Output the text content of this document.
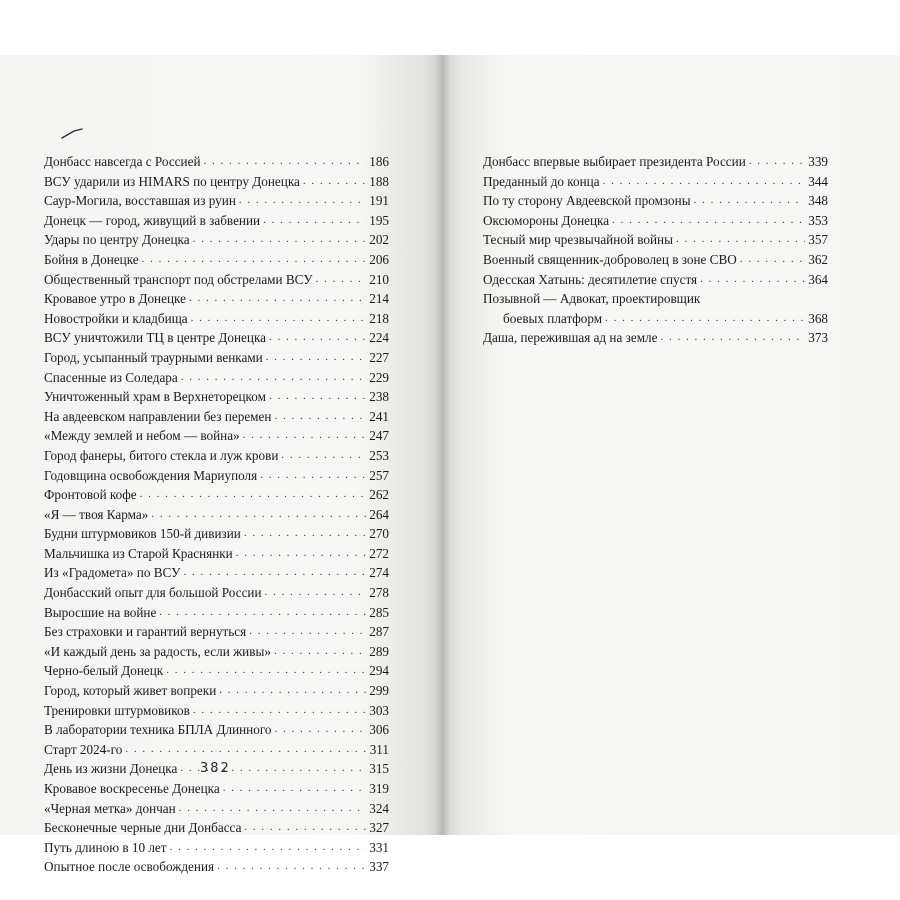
382
Донбасс навсегда с Россией . . .	186
ВСУ ударили из HIMARS по центру Донецка . . .	188
Саур-Могила, восставшая из руин . . .	191
Донецк — город, живущий в забвении . . .	195
Удары по центру Донецка . . .	202
Бойня в Донецке . . .	206
Общественный транспорт под обстрелами ВСУ . . .	210
Кровавое утро в Донецке . . .	214
Новостройки и кладбища . . .	218
ВСУ уничтожили ТЦ в центре Донецка . . .	224
Город, усыпанный траурными венками . . .	227
Спасенные из Соледара . . .	229
Уничтоженный храм в Верхнеторецком . . .	238
На авдеевском направлении без перемен . . .	241
«Между землей и небом — война» . . .	247
Город фанеры, битого стекла и луж крови . . .	253
Годовщина освобождения Мариуполя . . .	257
Фронтовой кофе . . .	262
«Я — твоя Карма» . . .	264
Будни штурмовиков 150-й дивизии . . .	270
Мальчишка из Старой Краснянки . . .	272
Из «Градомета» по ВСУ . . .	274
Донбасский опыт для большой России . . .	278
Выросшие на войне . . .	285
Без страховки и гарантий вернуться . . .	287
«И каждый день за радость, если живы» . . .	289
Черно-белый Донецк . . .	294
Город, который живет вопреки . . .	299
Тренировки штурмовиков . . .	303
В лаборатории техника БПЛА Длинного . . .	306
Старт 2024-го . . .	311
День из жизни Донецка . . .	315
Кровавое воскресенье Донецка . . .	319
«Черная метка» дончан . . .	324
Бесконечные черные дни Донбасса . . .	327
Путь длиною в 10 лет . . .	331
Опытное после освобождения . . .	337
Донбасс впервые выбирает президента России . . .	339
Преданный до конца . . .	344
По ту сторону Авдеевской промзоны . . .	348
Оксюмороны Донецка . . .	353
Тесный мир чрезвычайной войны . . .	357
Военный священник-доброволец в зоне СВО . . .	362
Одесская Хатынь: десятилетие спустя . . .	364
Позывной — Адвокат, проектировщик
боевых платформ . . .	368
Даша, пережившая ад на земле . . .	373
